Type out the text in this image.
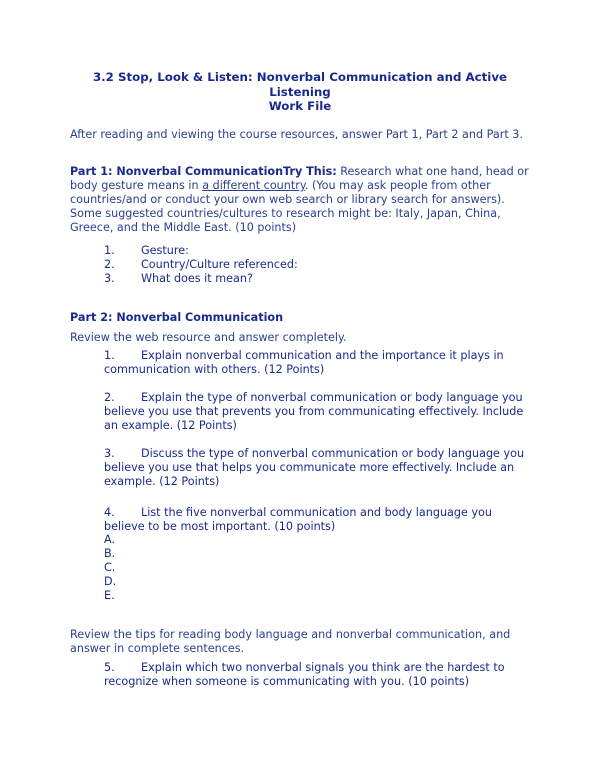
3.2 Stop, Look & Listen: Nonverbal Communication and Active
Listening
Work File
After reading and viewing the course resources, answer Part 1, Part 2 and Part 3.
Part 1: Nonverbal CommunicationTry This: Research what one hand, head or body gesture means in a different country. (You may ask people from other countries/and or conduct your own web search or library search for answers). Some suggested countries/cultures to research might be: Italy, Japan, China, Greece, and the Middle East. (10 points)
1.	Gesture:
2.	Country/Culture referenced:
3.	What does it mean?
Part 2: Nonverbal Communication
Review the web resource and answer completely.
1. Explain nonverbal communication and the importance it plays in communication with others. (12 Points)
2. Explain the type of nonverbal communication or body language you believe you use that prevents you from communicating effectively. Include an example. (12 Points)
3. Discuss the type of nonverbal communication or body language you believe you use that helps you communicate more effectively. Include an example. (12 Points)
4. List the five nonverbal communication and body language you believe to be most important. (10 points)
A.
B.
C.
D.
E.
Review the tips for reading body language and nonverbal communication, and answer in complete sentences.
5. Explain which two nonverbal signals you think are the hardest to recognize when someone is communicating with you. (10 points)
